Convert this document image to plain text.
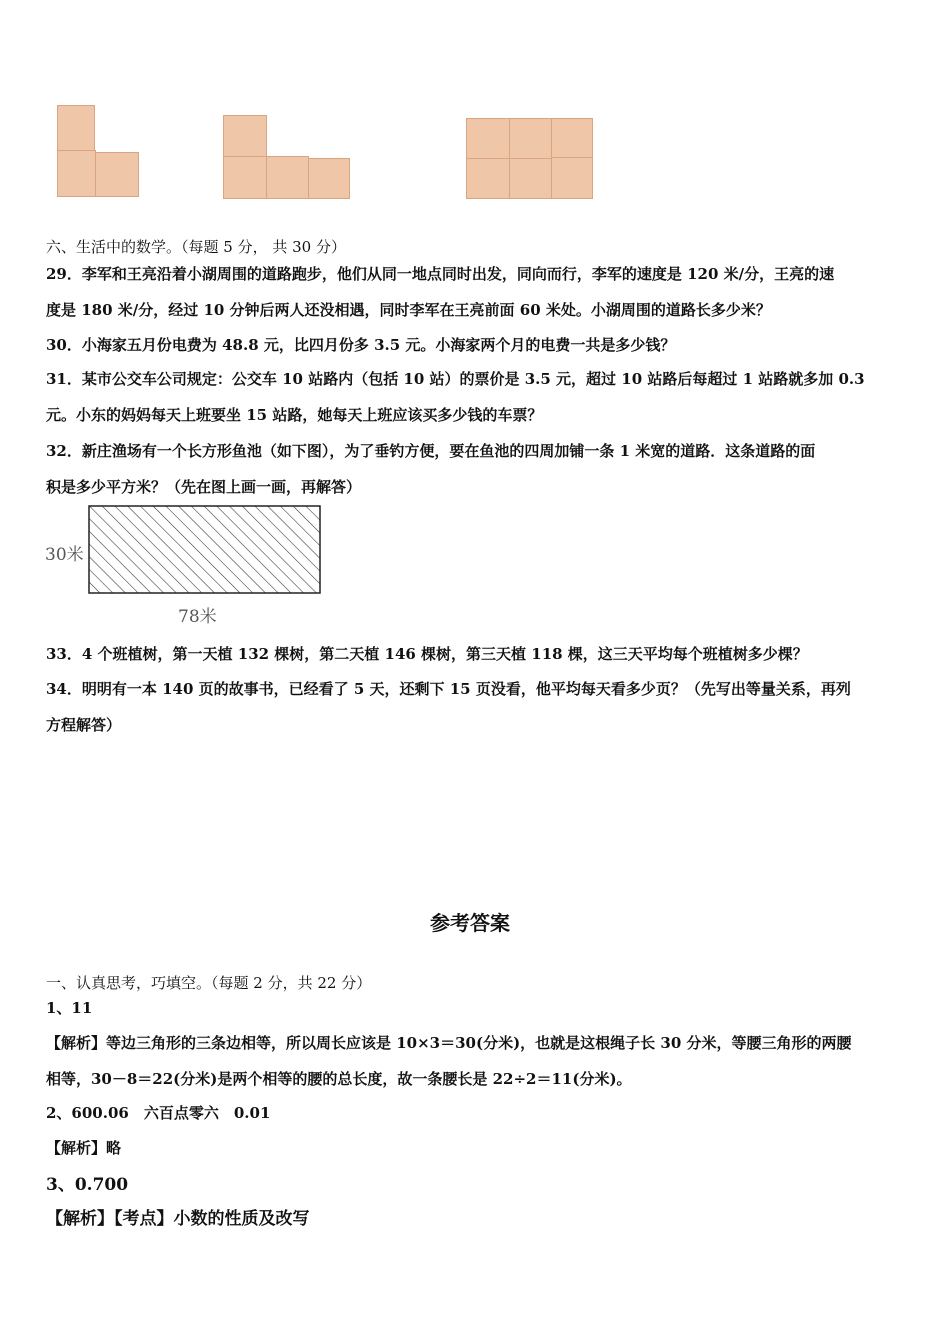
六、生活中的数学。（每题 5 分， 共 30 分）
29．李军和王亮沿着小湖周围的道路跑步，他们从同一地点同时出发，同向而行，李军的速度是 120 米/分，王亮的速
度是 180 米/分，经过 10 分钟后两人还没相遇，同时李军在王亮前面 60 米处。小湖周围的道路长多少米？
30．小海家五月份电费为 48.8 元，比四月份多 3.5 元。小海家两个月的电费一共是多少钱？
31．某市公交车公司规定：公交车 10 站路内（包括 10 站）的票价是 3.5 元，超过 10 站路后每超过 1 站路就多加 0.3
元。小东的妈妈每天上班要坐 15 站路，她每天上班应该买多少钱的车票？
32．新庄渔场有一个长方形鱼池（如下图），为了垂钓方便，要在鱼池的四周加铺一条 1 米宽的道路．这条道路的面
积是多少平方米？（先在图上画一画，再解答）
30米
78米
33．4 个班植树，第一天植 132 棵树，第二天植 146 棵树，第三天植 118 棵，这三天平均每个班植树多少棵？
34．明明有一本 140 页的故事书，已经看了 5 天，还剩下 15 页没看，他平均每天看多少页？（先写出等量关系，再列
方程解答）
参考答案
一、认真思考，巧填空。（每题 2 分，共 22 分）
1、11
【解析】等边三角形的三条边相等，所以周长应该是 10×3＝30(分米)，也就是这根绳子长 30 分米，等腰三角形的两腰
相等，30－8＝22(分米)是两个相等的腰的总长度，故一条腰长是 22÷2＝11(分米)。
2、600.06　六百点零六　0.01
【解析】略
3、0.700
【解析】【考点】小数的性质及改写
